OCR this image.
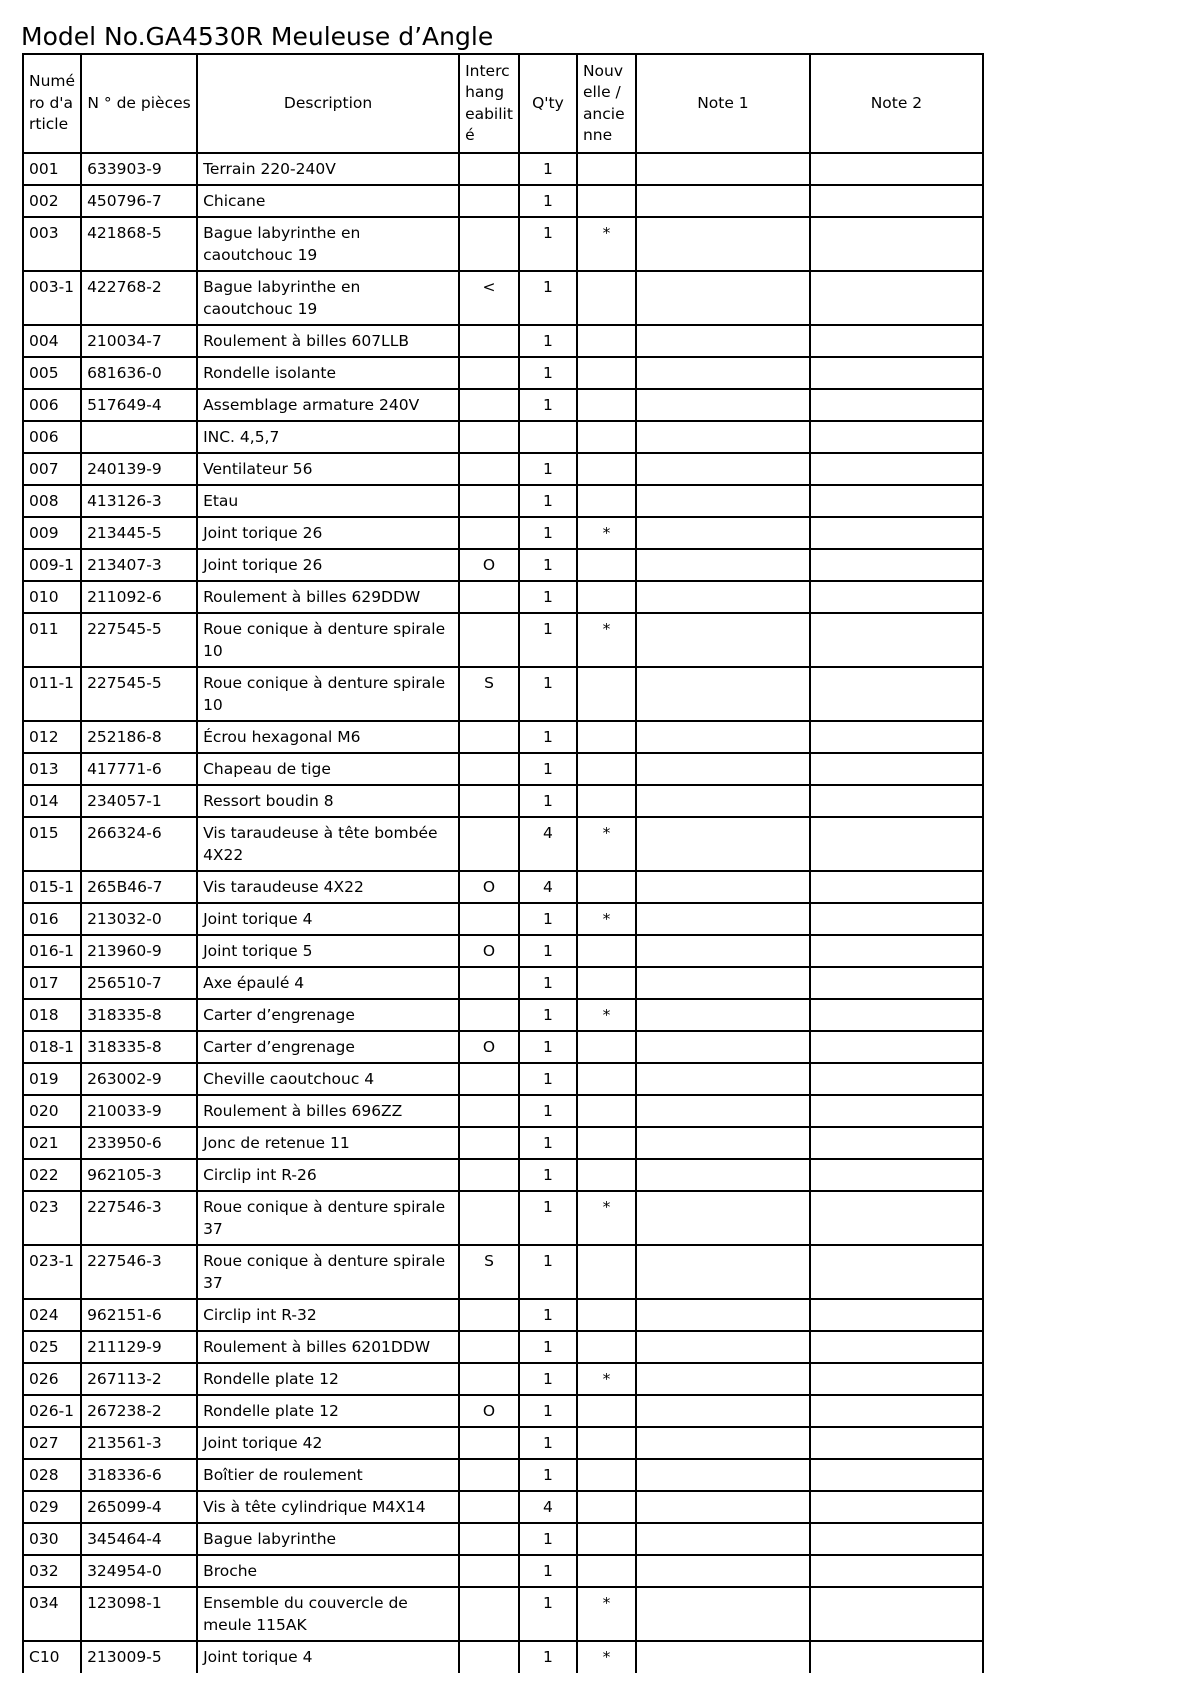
Model No.GA4530R Meuleuse d’Angle
Numé ro d'a rticle	N ° de pièces	Description	Interc hang eabilit é	Q'ty	Nouv elle / ancie nne	Note 1	Note 2
001	633903-9	Terrain 220-240V		1			
002	450796-7	Chicane		1			
003	421868-5	Bague labyrinthe en caoutchouc 19		1	*		
003-1	422768-2	Bague labyrinthe en caoutchouc 19	<	1			
004	210034-7	Roulement à billes 607LLB		1			
005	681636-0	Rondelle isolante		1			
006	517649-4	Assemblage armature 240V		1			
006		INC. 4,5,7					
007	240139-9	Ventilateur 56		1			
008	413126-3	Etau		1			
009	213445-5	Joint torique 26		1	*		
009-1	213407-3	Joint torique 26	O	1			
010	211092-6	Roulement à billes 629DDW		1			
011	227545-5	Roue conique à denture spirale 10		1	*		
011-1	227545-5	Roue conique à denture spirale 10	S	1			
012	252186-8	Écrou hexagonal M6		1			
013	417771-6	Chapeau de tige		1			
014	234057-1	Ressort boudin 8		1			
015	266324-6	Vis taraudeuse à tête bombée 4X22		4	*		
015-1	265B46-7	Vis taraudeuse 4X22	O	4			
016	213032-0	Joint torique 4		1	*		
016-1	213960-9	Joint torique 5	O	1			
017	256510-7	Axe épaulé 4		1			
018	318335-8	Carter d’engrenage		1	*		
018-1	318335-8	Carter d’engrenage	O	1			
019	263002-9	Cheville caoutchouc 4		1			
020	210033-9	Roulement à billes 696ZZ		1			
021	233950-6	Jonc de retenue 11		1			
022	962105-3	Circlip int R-26		1			
023	227546-3	Roue conique à denture spirale 37		1	*		
023-1	227546-3	Roue conique à denture spirale 37	S	1			
024	962151-6	Circlip int R-32		1			
025	211129-9	Roulement à billes 6201DDW		1			
026	267113-2	Rondelle plate 12		1	*		
026-1	267238-2	Rondelle plate 12	O	1			
027	213561-3	Joint torique 42		1			
028	318336-6	Boîtier de roulement		1			
029	265099-4	Vis à tête cylindrique M4X14		4			
030	345464-4	Bague labyrinthe		1			
032	324954-0	Broche		1			
034	123098-1	Ensemble du couvercle de meule 115AK		1	*		
C10	213009-5	Joint torique 4		1	*		
